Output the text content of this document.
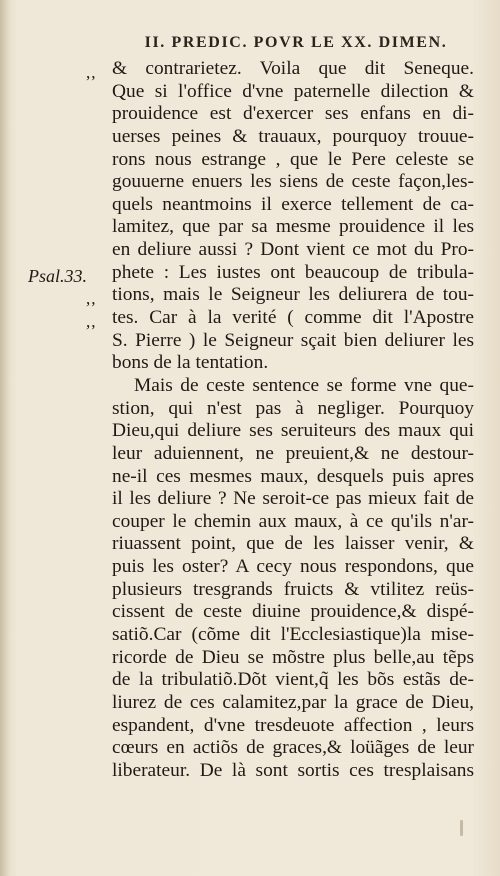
II. PREDIC. POVR LE XX. DIMEN.
,,
Psal.33.
,,
,,
& contrarietez. Voila que dit Seneque.
Que si l'office d'vne paternelle dilection &
prouidence est d'exercer ses enfans en di-
uerses peines & trauaux, pourquoy trouue-
rons nous estrange , que le Pere celeste se
gouuerne enuers les siens de ceste façon,les-
quels neantmoins il exerce tellement de ca-
lamitez, que par sa mesme prouidence il les
en deliure aussi ? Dont vient ce mot du Pro-
phete : Les iustes ont beaucoup de tribula-
tions, mais le Seigneur les deliurera de tou-
tes. Car à la verité ( comme dit l'Apostre
S. Pierre ) le Seigneur sçait bien deliurer les
bons de la tentation.
Mais de ceste sentence se forme vne que-
stion, qui n'est pas à negliger. Pourquoy
Dieu,qui deliure ses seruiteurs des maux qui
leur aduiennent, ne preuient,& ne destour-
ne-il ces mesmes maux, desquels puis apres
il les deliure ? Ne seroit-ce pas mieux fait de
couper le chemin aux maux, à ce qu'ils n'ar-
riuassent point, que de les laisser venir, &
puis les oster? A cecy nous respondons, que
plusieurs tresgrands fruicts & vtilitez reüs-
cissent de ceste diuine prouidence,& dispé-
satiõ.Car (cõme dit l'Ecclesiastique)la mise-
ricorde de Dieu se mõstre plus belle,au tẽps
de la tribulatiõ.Dõt vient,q̃ les bõs estãs de-
liurez de ces calamitez,par la grace de Dieu,
espandent, d'vne tresdeuote affection , leurs
cœurs en actiõs de graces,& loüãges de leur
liberateur. De là sont sortis ces tresplaisans
